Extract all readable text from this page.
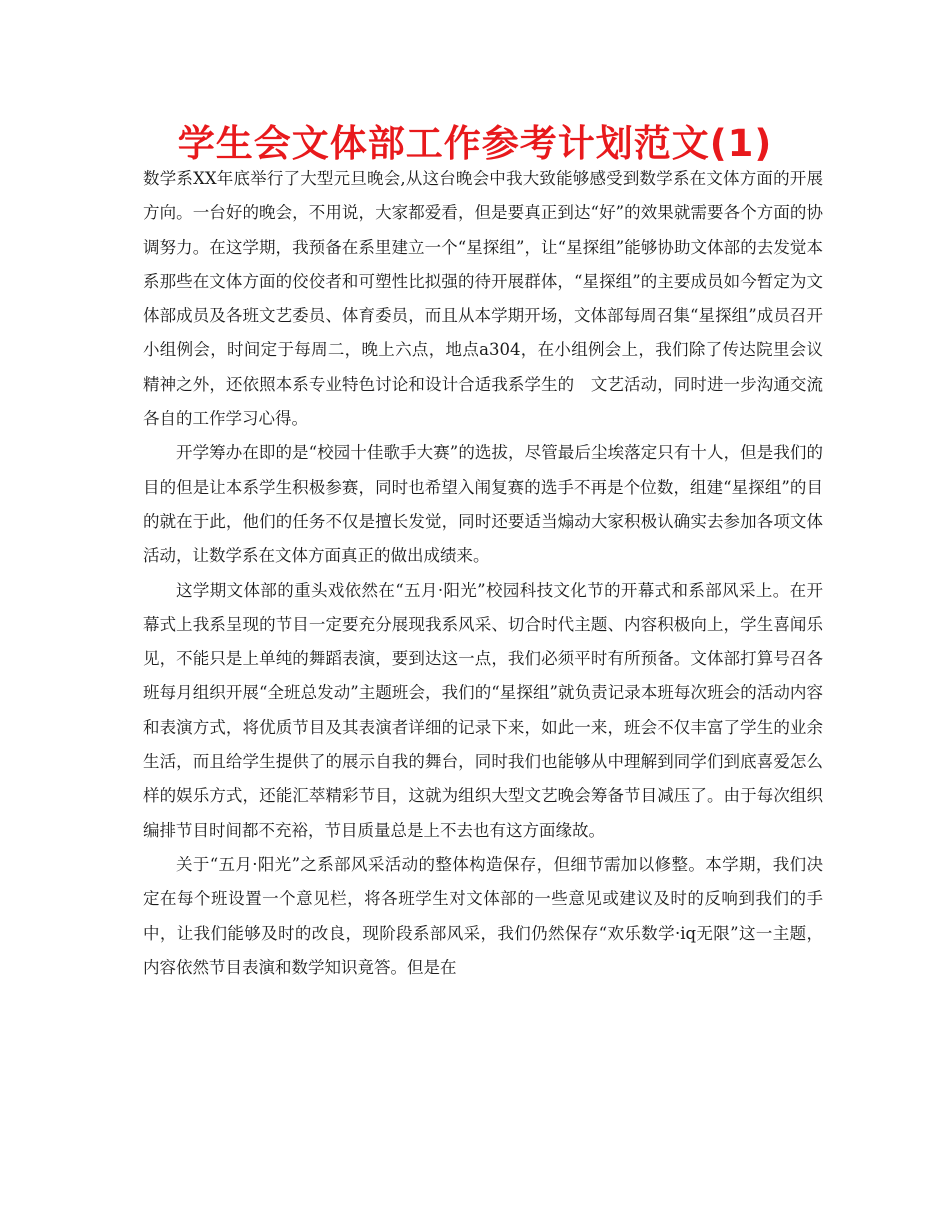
学生会文体部工作参考计划范文(1)

数学系XX年底举行了大型元旦晚会,从这台晚会中我大致能够感受到数学系在文体方面的开展方向。一台好的晚会，不用说，大家都爱看，但是要真正到达“好”的效果就需要各个方面的协调努力。在这学期，我预备在系里建立一个“星探组”，让“星探组”能够协助文体部的去发觉本系那些在文体方面的佼佼者和可塑性比拟强的待开展群体，“星探组”的主要成员如今暂定为文体部成员及各班文艺委员、体育委员，而且从本学期开场，文体部每周召集“星探组”成员召开小组例会，时间定于每周二，晚上六点，地点a304，在小组例会上，我们除了传达院里会议精神之外，还依照本系专业特色讨论和设计合适我系学生的　文艺活动，同时进一步沟通交流各自的工作学习心得。

开学筹办在即的是“校园十佳歌手大赛”的选拔，尽管最后尘埃落定只有十人，但是我们的目的但是让本系学生积极参赛，同时也希望入闱复赛的选手不再是个位数，组建“星探组”的目的就在于此，他们的任务不仅是擅长发觉，同时还要适当煽动大家积极认确实去参加各项文体活动，让数学系在文体方面真正的做出成绩来。

这学期文体部的重头戏依然在“五月·阳光”校园科技文化节的开幕式和系部风采上。在开幕式上我系呈现的节目一定要充分展现我系风采、切合时代主题、内容积极向上，学生喜闻乐见，不能只是上单纯的舞蹈表演，要到达这一点，我们必须平时有所预备。文体部打算号召各班每月组织开展“全班总发动”主题班会，我们的“星探组”就负责记录本班每次班会的活动内容和表演方式，将优质节目及其表演者详细的记录下来，如此一来，班会不仅丰富了学生的业余生活，而且给学生提供了的展示自我的舞台，同时我们也能够从中理解到同学们到底喜爱怎么样的娱乐方式，还能汇萃精彩节目，这就为组织大型文艺晚会筹备节目减压了。由于每次组织编排节目时间都不充裕，节目质量总是上不去也有这方面缘故。

关于“五月·阳光”之系部风采活动的整体构造保存，但细节需加以修整。本学期，我们决定在每个班设置一个意见栏，将各班学生对文体部的一些意见或建议及时的反响到我们的手中，让我们能够及时的改良，现阶段系部风采，我们仍然保存“欢乐数学·iq无限”这一主题，内容依然节目表演和数学知识竟答。但是在
